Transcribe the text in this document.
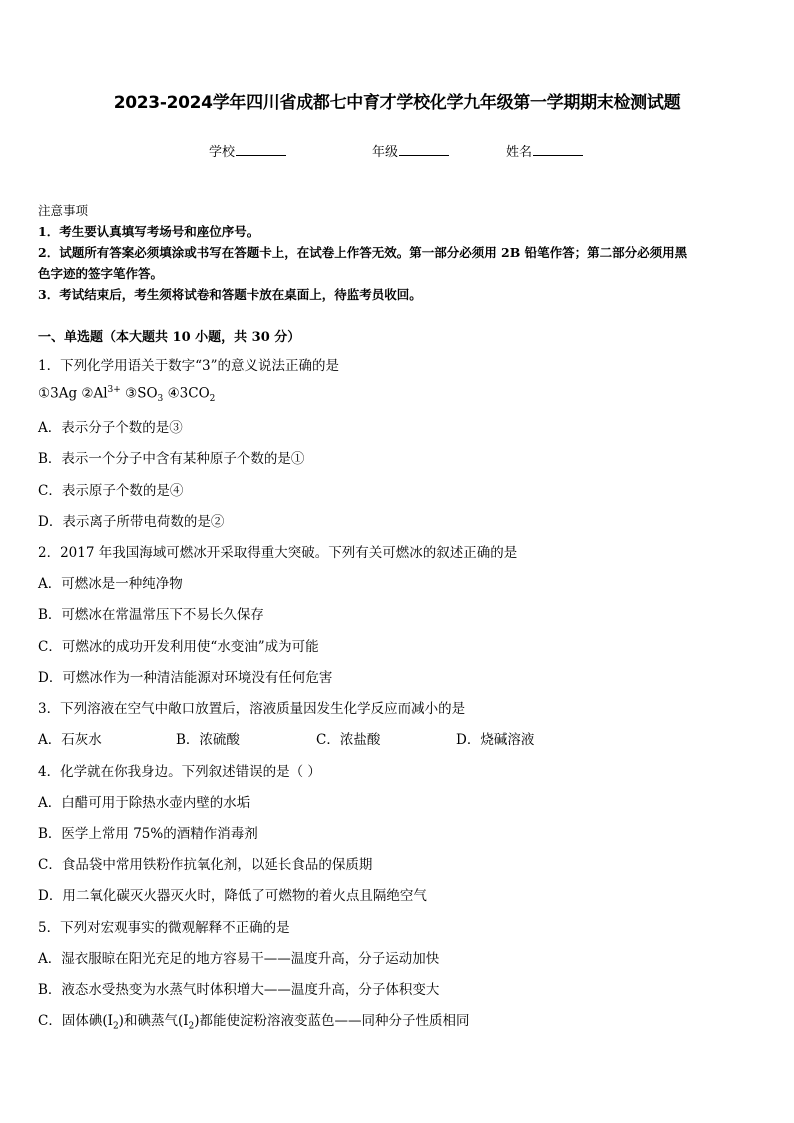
2023-2024学年四川省成都七中育才学校化学九年级第一学期期末检测试题
学校	年级	姓名
注意事项
1．考生要认真填写考场号和座位序号。
2．试题所有答案必须填涂或书写在答题卡上，在试卷上作答无效。第一部分必须用 2B 铅笔作答；第二部分必须用黑
色字迹的签字笔作答。
3．考试结束后，考生须将试卷和答题卡放在桌面上，待监考员收回。
一、单选题（本大题共 10 小题，共 30 分）
1．下列化学用语关于数字“3”的意义说法正确的是
①3Ag $②Al^{3+}$ $③SO_3$ $④3CO_2$
A．表示分子个数的是③
B．表示一个分子中含有某种原子个数的是①
C．表示原子个数的是④
D．表示离子所带电荷数的是②
2．2017 年我国海域可燃冰开采取得重大突破。下列有关可燃冰的叙述正确的是
A．可燃冰是一种纯净物
B．可燃冰在常温常压下不易长久保存
C．可燃冰的成功开发利用使“水变油”成为可能
D．可燃冰作为一种清洁能源对环境没有任何危害
3．下列溶液在空气中敞口放置后，溶液质量因发生化学反应而减小的是
A．石灰水	B．浓硫酸	C．浓盐酸	D．烧碱溶液
4．化学就在你我身边。下列叙述错误的是（ ）
A．白醋可用于除热水壶内壁的水垢
B．医学上常用 75%的酒精作消毒剂
C．食品袋中常用铁粉作抗氧化剂，以延长食品的保质期
D．用二氧化碳灭火器灭火时，降低了可燃物的着火点且隔绝空气
5．下列对宏观事实的微观解释不正确的是
A．湿衣服晾在阳光充足的地方容易干——温度升高，分子运动加快
B．液态水受热变为水蒸气时体积增大——温度升高，分子体积变大
C．固体碘$(I_2)$和碘蒸气$(I_2)$都能使淀粉溶液变蓝色——同种分子性质相同
